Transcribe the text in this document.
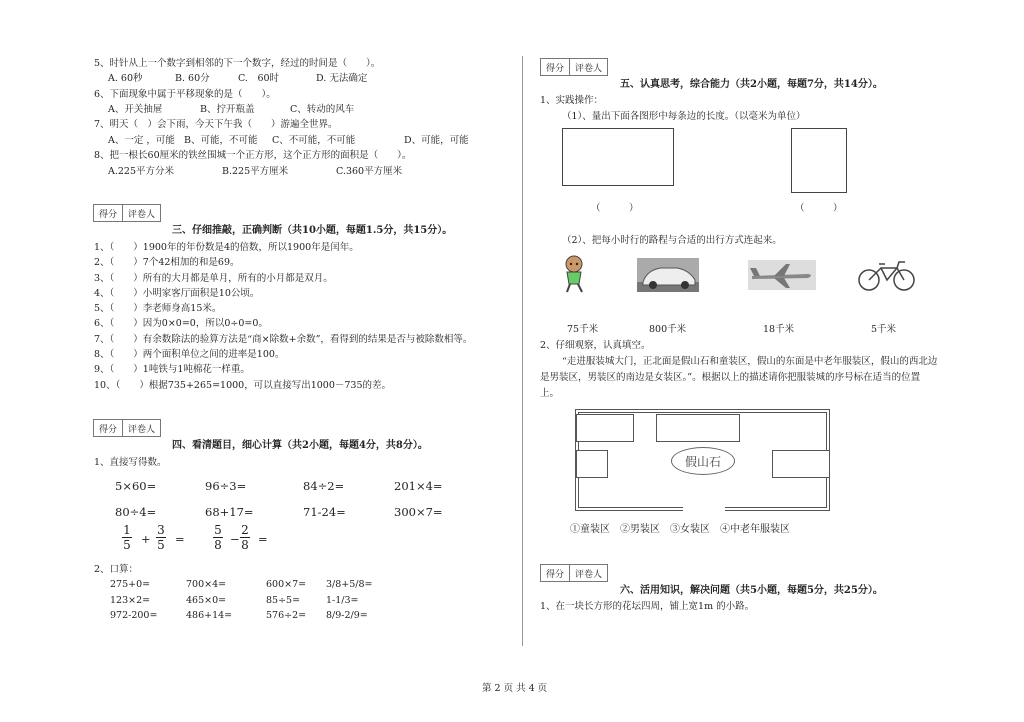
5、时针从上一个数字到相邻的下一个数字，经过的时间是（　　）。
A. 60秒	B. 60分	C.　60时	D. 无法确定
6、下面现象中属于平移现象的是（　　）。
A、开关抽屉	B、拧开瓶盖	C、转动的风车
7、明天（　）会下雨，今天下午我（　　）游遍全世界。
A、一定 ，可能 B、可能，不可能 C、不可能，不可能	D、可能，可能
8、把一根长60厘米的铁丝围城一个正方形，这个正方形的面积是（　　）。
A.225平方分米	B.225平方厘米	C.360平方厘米
得分	评卷人
三、仔细推敲，正确判断（共10小题，每题1.5分，共15分）。
1、（　　）1900年的年份数是4的倍数，所以1900年是闰年。
2、（　　）7个42相加的和是69。
3、（　　）所有的大月都是单月，所有的小月都是双月。
4、（　　）小明家客厅面积是10公顷。
5、（　　）李老师身高15米。
6、（　　）因为0×0=0，所以0÷0=0。
7、（　　）有余数除法的验算方法是“商×除数+余数”，看得到的结果是否与被除数相等。
8、（　　）两个面积单位之间的进率是100。
9、（　　）1吨铁与1吨棉花一样重。
10、（　　）根据735+265=1000，可以直接写出1000－735的差。
得分	评卷人
四、看清题目，细心计算（共2小题，每题4分，共8分）。
1、直接写得数。
5×60=	96÷3=	84÷2=	201×4=
80÷4=	68+17=	71-24=	300×7=
1
5 +
3
5 =
5
8 −
2
8 =
2、口算：
275+0=	700×4=	600×7= 3/8+5/8=
123×2=	465×0=	85÷5=	1-1/3=
972-200=	486+14=	576÷2= 8/9-2/9=
得分	评卷人
五、认真思考，综合能力（共2小题，每题7分，共14分）。
1、实践操作：
（1）、量出下面各图形中每条边的长度。（以毫米为单位）
（　　　）	（　　　）
（2）、把每小时行的路程与合适的出行方式连起来。
75千米	800千米	18千米	5千米
2、仔细观察，认真填空。
“走进服装城大门，正北面是假山石和童装区，假山的东面是中老年服装区，假山的西北边
是男装区，男装区的南边是女装区。”。根据以上的描述请你把服装城的序号标在适当的位置
上。
假山石
①童装区　②男装区　③女装区　④中老年服装区
得分	评卷人
六、活用知识，解决问题（共5小题，每题5分，共25分）。
1、在一块长方形的花坛四周，铺上宽1m 的小路。
第 2 页 共 4 页
